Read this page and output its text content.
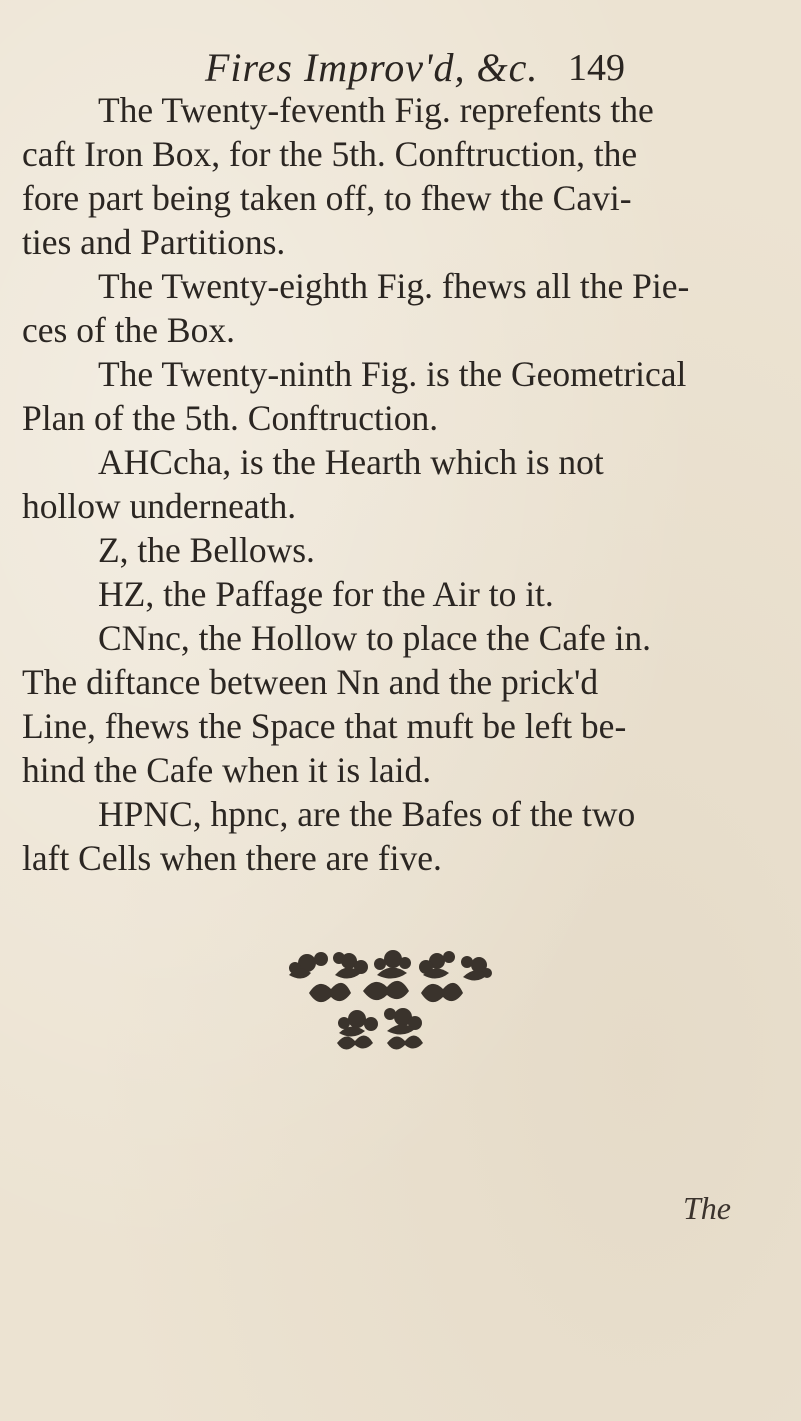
Fires Improv'd, &c. 149

The Twenty-feventh Fig. reprefents the
caft Iron Box, for the 5th. Conftruction, the
fore part being taken off, to fhew the Cavi-
ties and Partitions.

The Twenty-eighth Fig. fhews all the Pie-
ces of the Box.

The Twenty-ninth Fig. is the Geometrical
Plan of the 5th. Conftruction.

AHCcha, is the Hearth which is not
hollow underneath.

Z, the Bellows.

HZ, the Paffage for the Air to it.

CNnc, the Hollow to place the Cafe in.
The diftance between Nn and the prick'd
Line, fhews the Space that muft be left be-
hind the Cafe when it is laid.

HPNC, hpnc, are the Bafes of the two
laft Cells when there are five.

The
